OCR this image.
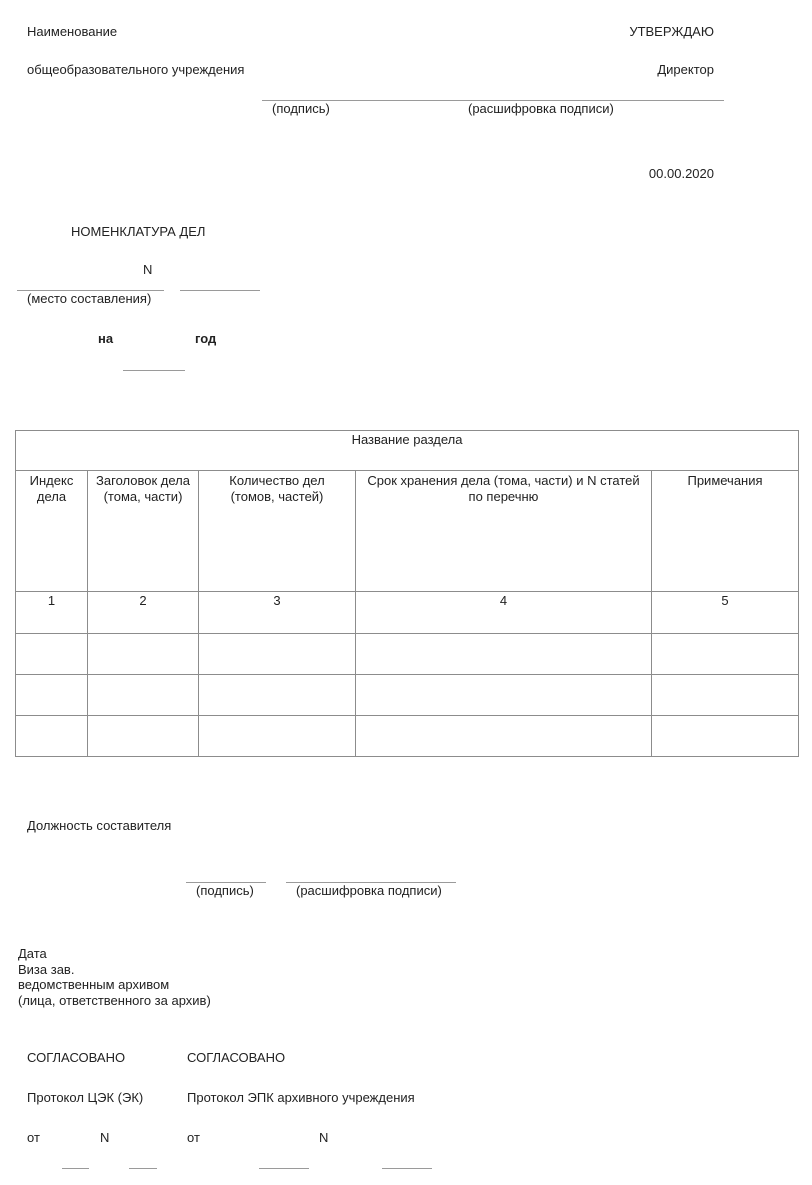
Наименование
общеобразовательного учреждения
УТВЕРЖДАЮ
Директор
(подпись)	(расшифровка подписи)
00.00.2020
НОМЕНКЛАТУРА ДЕЛ
N
(место составления)
на	год
Название раздела				

Индекс дела	Заголовок дела (тома, части)	Количество дел (томов, частей)	Срок хранения дела (тома, части) и N статей по перечню	Примечания

1	2	3	4	5

Должность составителя
(подпись)	(расшифровка подписи)
Дата
Виза зав.
ведомственным архивом
(лица, ответственного за архив)
СОГЛАСОВАНО
Протокол ЦЭК (ЭК)
от	N
СОГЛАСОВАНО
Протокол ЭПК архивного учреждения
от	N
